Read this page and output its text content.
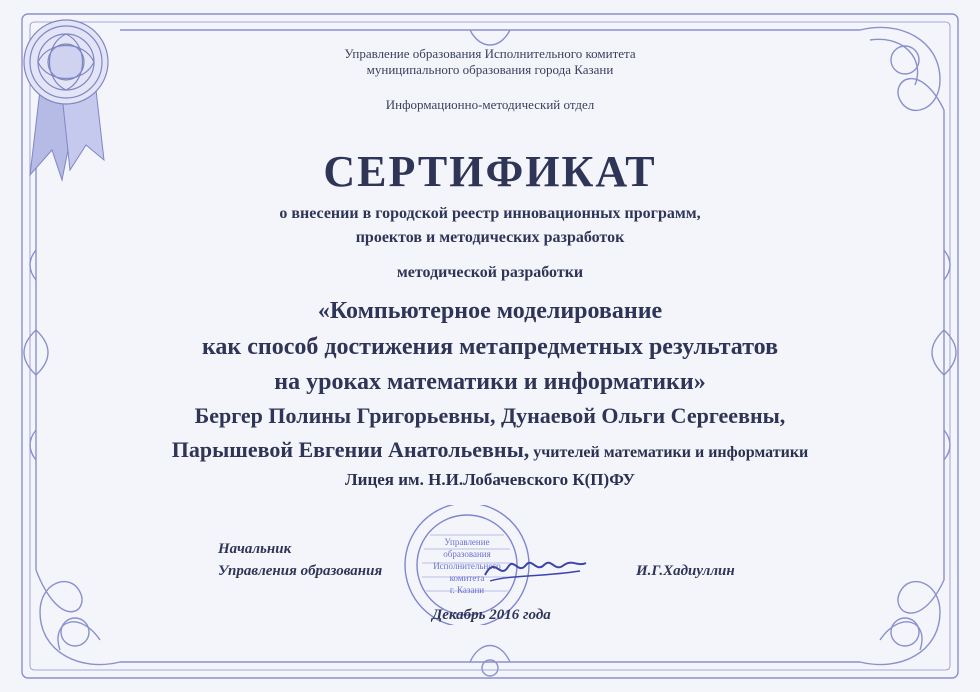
Управление образования Исполнительного комитета
муниципального образования города Казани
Информационно-методический отдел
СЕРТИФИКАТ
о внесении в городской реестр инновационных программ,
проектов и методических разработок
методической разработки
«Компьютерное моделирование
как способ достижения метапредметных результатов
на уроках математики и информатики»
Бергер Полины Григорьевны, Дунаевой Ольги Сергеевны,
Парышевой Евгении Анатольевны, учителей математики и информатики
Лицея им. Н.И.Лобачевского К(П)ФУ
Управление
образования
Исполнительного
комитета
г. Казани
Начальник
Управления образования	И.Г.Хадиуллин
Декабрь 2016 года
